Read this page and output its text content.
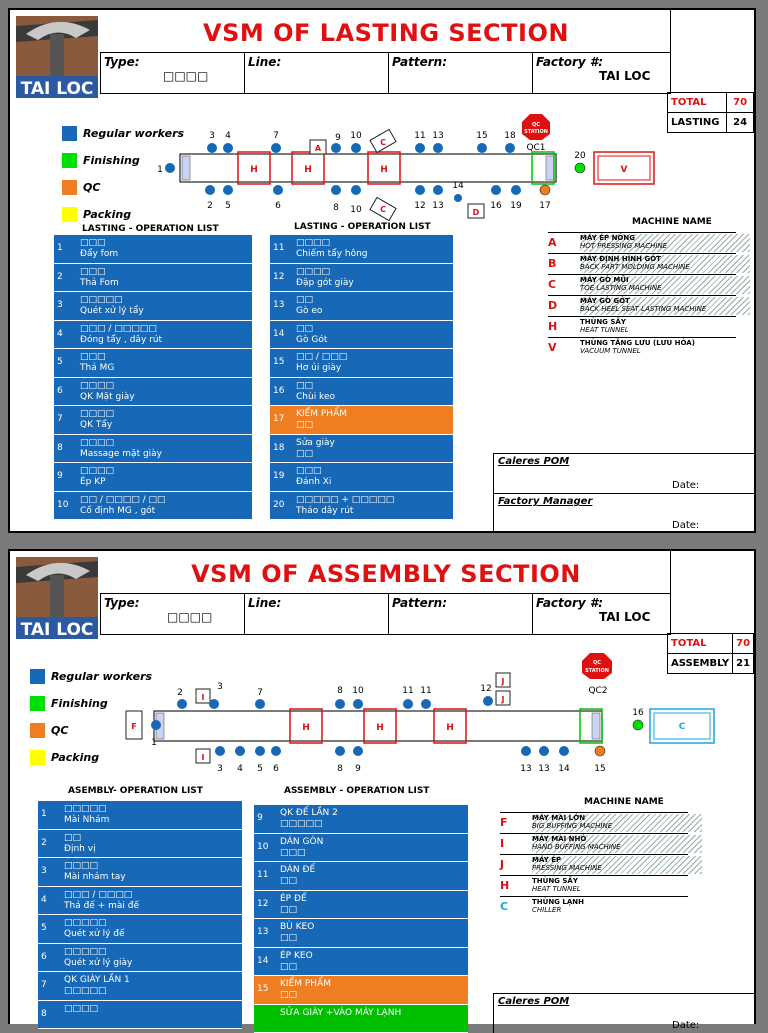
TAI LOC
VSM OF LASTING SECTION
Type:
□□□□
Line:	Pattern:	Factory #:
TAI LOC
TOTAL	70
LASTING	24
Regular workers
Finishing
QC
Packing
H	H	H	V
QC
STATION
QC1
A
C
C	D
3 4	7	9 10	11 13	15 18
20
1
2 5	6	8 10
14
12 13	16 19 17
LASTING - OPERATION LIST	LASTING - OPERATION LIST
1 □□□
Đẩy fom
2 □□□
Thả Fom
3 □□□□□
Quét xử lý tẩy
4 □□□ / □□□□□
Đóng tẩy , dây rút
5 □□□
Thả MG
6 □□□□
QK Mặt giày
7 □□□□
QK Tẩy
8 □□□□
Massage mặt giày
9 □□□□
Ép KP
10 □□ / □□□□ / □□
Cố định MG , gót
11 □□□□
Chiếm tẩy hông
12 □□□□
Đập gót giày
13 □□
Gò eo
14 □□
Gò Gót
15 □□ / □□□
Hơ ủi giày
16 □□
Chùi keo
17 KIỂM PHẨM
□□
18 Sửa giày
□□
19 □□□
Đánh Xi
20 □□□□□ + □□□□□
Tháo dây rút
MACHINE NAME
A	MÁY ÉP NÓNG
HOT PRESSING MACHINE
B	MÁY ĐỊNH HÌNH GÓT
BACK PART MOLDING MACHINE
C	MÁY GÒ MŨI
TOE LASTING MACHINE
D	MÁY GÒ GÓT
BACK HEEL SEAT LASTING MACHINE
H	THÙNG SẤY
HEAT TUNNEL
V	THÙNG TĂNG LƯU (LƯU HÓA)
VACUUM TUNNEL
Caleres POM
Date:
Factory Manager
Date:
TAI LOC
VSM OF ASSEMBLY SECTION
Type:
□□□□
Line:	Pattern:	Factory #:
TAI LOC
TOTAL	70
ASSEMBLY	21
Regular workers
Finishing
QC
Packing
H	H	H	C
F
I
I
J
J
QC
STATION
QC2
2
3
7	8 10	11 11	12
16
1
3 4 5 6	8 9	13 13 14	15
ASEMBLY- OPERATION LIST	ASSEMBLY - OPERATION LIST
1 □□□□□
Mài Nhám
2 □□
Định vị
3 □□□□
Mài nhám tay
4 □□□ / □□□□
Thả đế + mài đế
5 □□□□□
Quét xử lý đế
6 □□□□□
Quét xử lý giày
7 QK GIÀY LẦN 1
□□□□□
8 □□□□
9 QK ĐẾ LẦN 2
□□□□□
10 DÁN GÒN
□□□
11 DÁN ĐẾ
□□
12 ÉP ĐẾ
□□
13 BÙ KEO
□□
14 ÉP KEO
□□
15 KIỂM PHẨM
□□
SỬA GIÀY +VÀO MÁY LẠNH
MACHINE NAME
F	MÁY MÀI LỚN
BIG BUFFING MACHINE
I	MÁY MÀI NHỎ
HAND BUFFING MACHINE
J	MÁY ÉP
PRESSING MACHINE
H	THÙNG SẤY
HEAT TUNNEL
C	THÙNG LẠNH
CHILLER
Caleres POM
Date:
